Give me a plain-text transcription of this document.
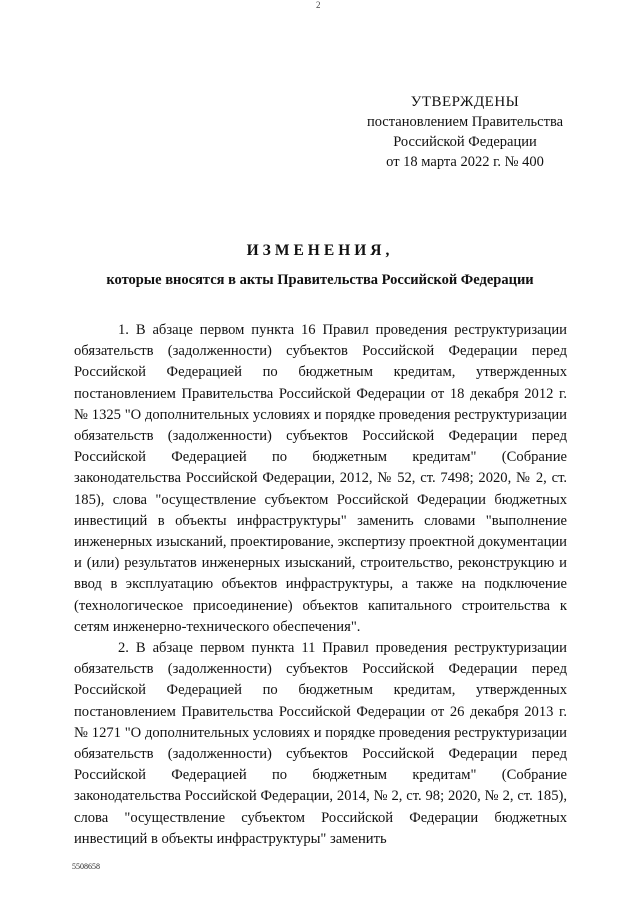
2
УТВЕРЖДЕНЫ
постановлением Правительства
Российской Федерации
от 18 марта 2022 г. № 400
ИЗМЕНЕНИЯ,
которые вносятся в акты Правительства Российской Федерации

1. В абзаце первом пункта 16 Правил проведения реструктуризации обязательств (задолженности) субъектов Российской Федерации перед Российской Федерацией по бюджетным кредитам, утвержденных постановлением Правительства Российской Федерации от 18 декабря 2012 г. № 1325 "О дополнительных условиях и порядке проведения реструктуризации обязательств (задолженности) субъектов Российской Федерации перед Российской Федерацией по бюджетным кредитам" (Собрание законодательства Российской Федерации, 2012, № 52, ст. 7498; 2020, № 2, ст. 185), слова "осуществление субъектом Российской Федерации бюджетных инвестиций в объекты инфраструктуры" заменить словами "выполнение инженерных изысканий, проектирование, экспертизу проектной документации и (или) результатов инженерных изысканий, строительство, реконструкцию и ввод в эксплуатацию объектов инфраструктуры, а также на подключение (технологическое присоединение) объектов капитального строительства к сетям инженерно-технического обеспечения".

2. В абзаце первом пункта 11 Правил проведения реструктуризации обязательств (задолженности) субъектов Российской Федерации перед Российской Федерацией по бюджетным кредитам, утвержденных постановлением Правительства Российской Федерации от 26 декабря 2013 г. № 1271 "О дополнительных условиях и порядке проведения реструктуризации обязательств (задолженности) субъектов Российской Федерации перед Российской Федерацией по бюджетным кредитам" (Собрание законодательства Российской Федерации, 2014, № 2, ст. 98; 2020, № 2, ст. 185), слова "осуществление субъектом Российской Федерации бюджетных инвестиций в объекты инфраструктуры" заменить

5508658
